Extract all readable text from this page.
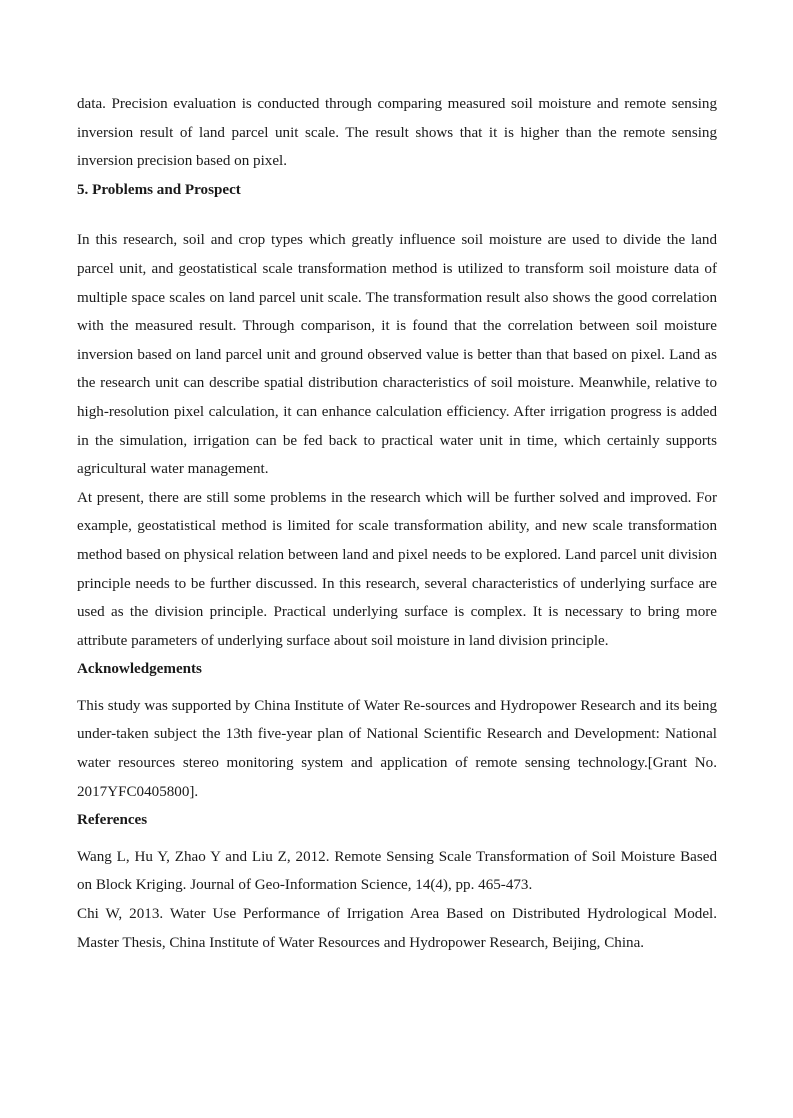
data. Precision evaluation is conducted through comparing measured soil moisture and remote sensing inversion result of land parcel unit scale. The result shows that it is higher than the remote sensing inversion precision based on pixel.

5. Problems and Prospect

In this research, soil and crop types which greatly influence soil moisture are used to divide the land parcel unit, and geostatistical scale transformation method is utilized to transform soil moisture data of multiple space scales on land parcel unit scale. The transformation result also shows the good correlation with the measured result. Through comparison, it is found that the correlation between soil moisture inversion based on land parcel unit and ground observed value is better than that based on pixel. Land as the research unit can describe spatial distribution characteristics of soil moisture. Meanwhile, relative to high-resolution pixel calculation, it can enhance calculation efficiency. After irrigation progress is added in the simulation, irrigation can be fed back to practical water unit in time, which certainly supports agricultural water management.

At present, there are still some problems in the research which will be further solved and improved. For example, geostatistical method is limited for scale transformation ability, and new scale transformation method based on physical relation between land and pixel needs to be explored. Land parcel unit division principle needs to be further discussed. In this research, several characteristics of underlying surface are used as the division principle. Practical underlying surface is complex. It is necessary to bring more attribute parameters of underlying surface about soil moisture in land division principle.

Acknowledgements

This study was supported by China Institute of Water Re-sources and Hydropower Research and its being under-taken subject the 13th five-year plan of National Scientific Research and Development: National water resources stereo monitoring system and application of remote sensing technology.[Grant No. 2017YFC0405800].

References

Wang L, Hu Y, Zhao Y and Liu Z, 2012. Remote Sensing Scale Transformation of Soil Moisture Based on Block Kriging. Journal of Geo-Information Science, 14(4), pp. 465-473.

Chi W, 2013. Water Use Performance of Irrigation Area Based on Distributed Hydrological Model. Master Thesis, China Institute of Water Resources and Hydropower Research, Beijing, China.
